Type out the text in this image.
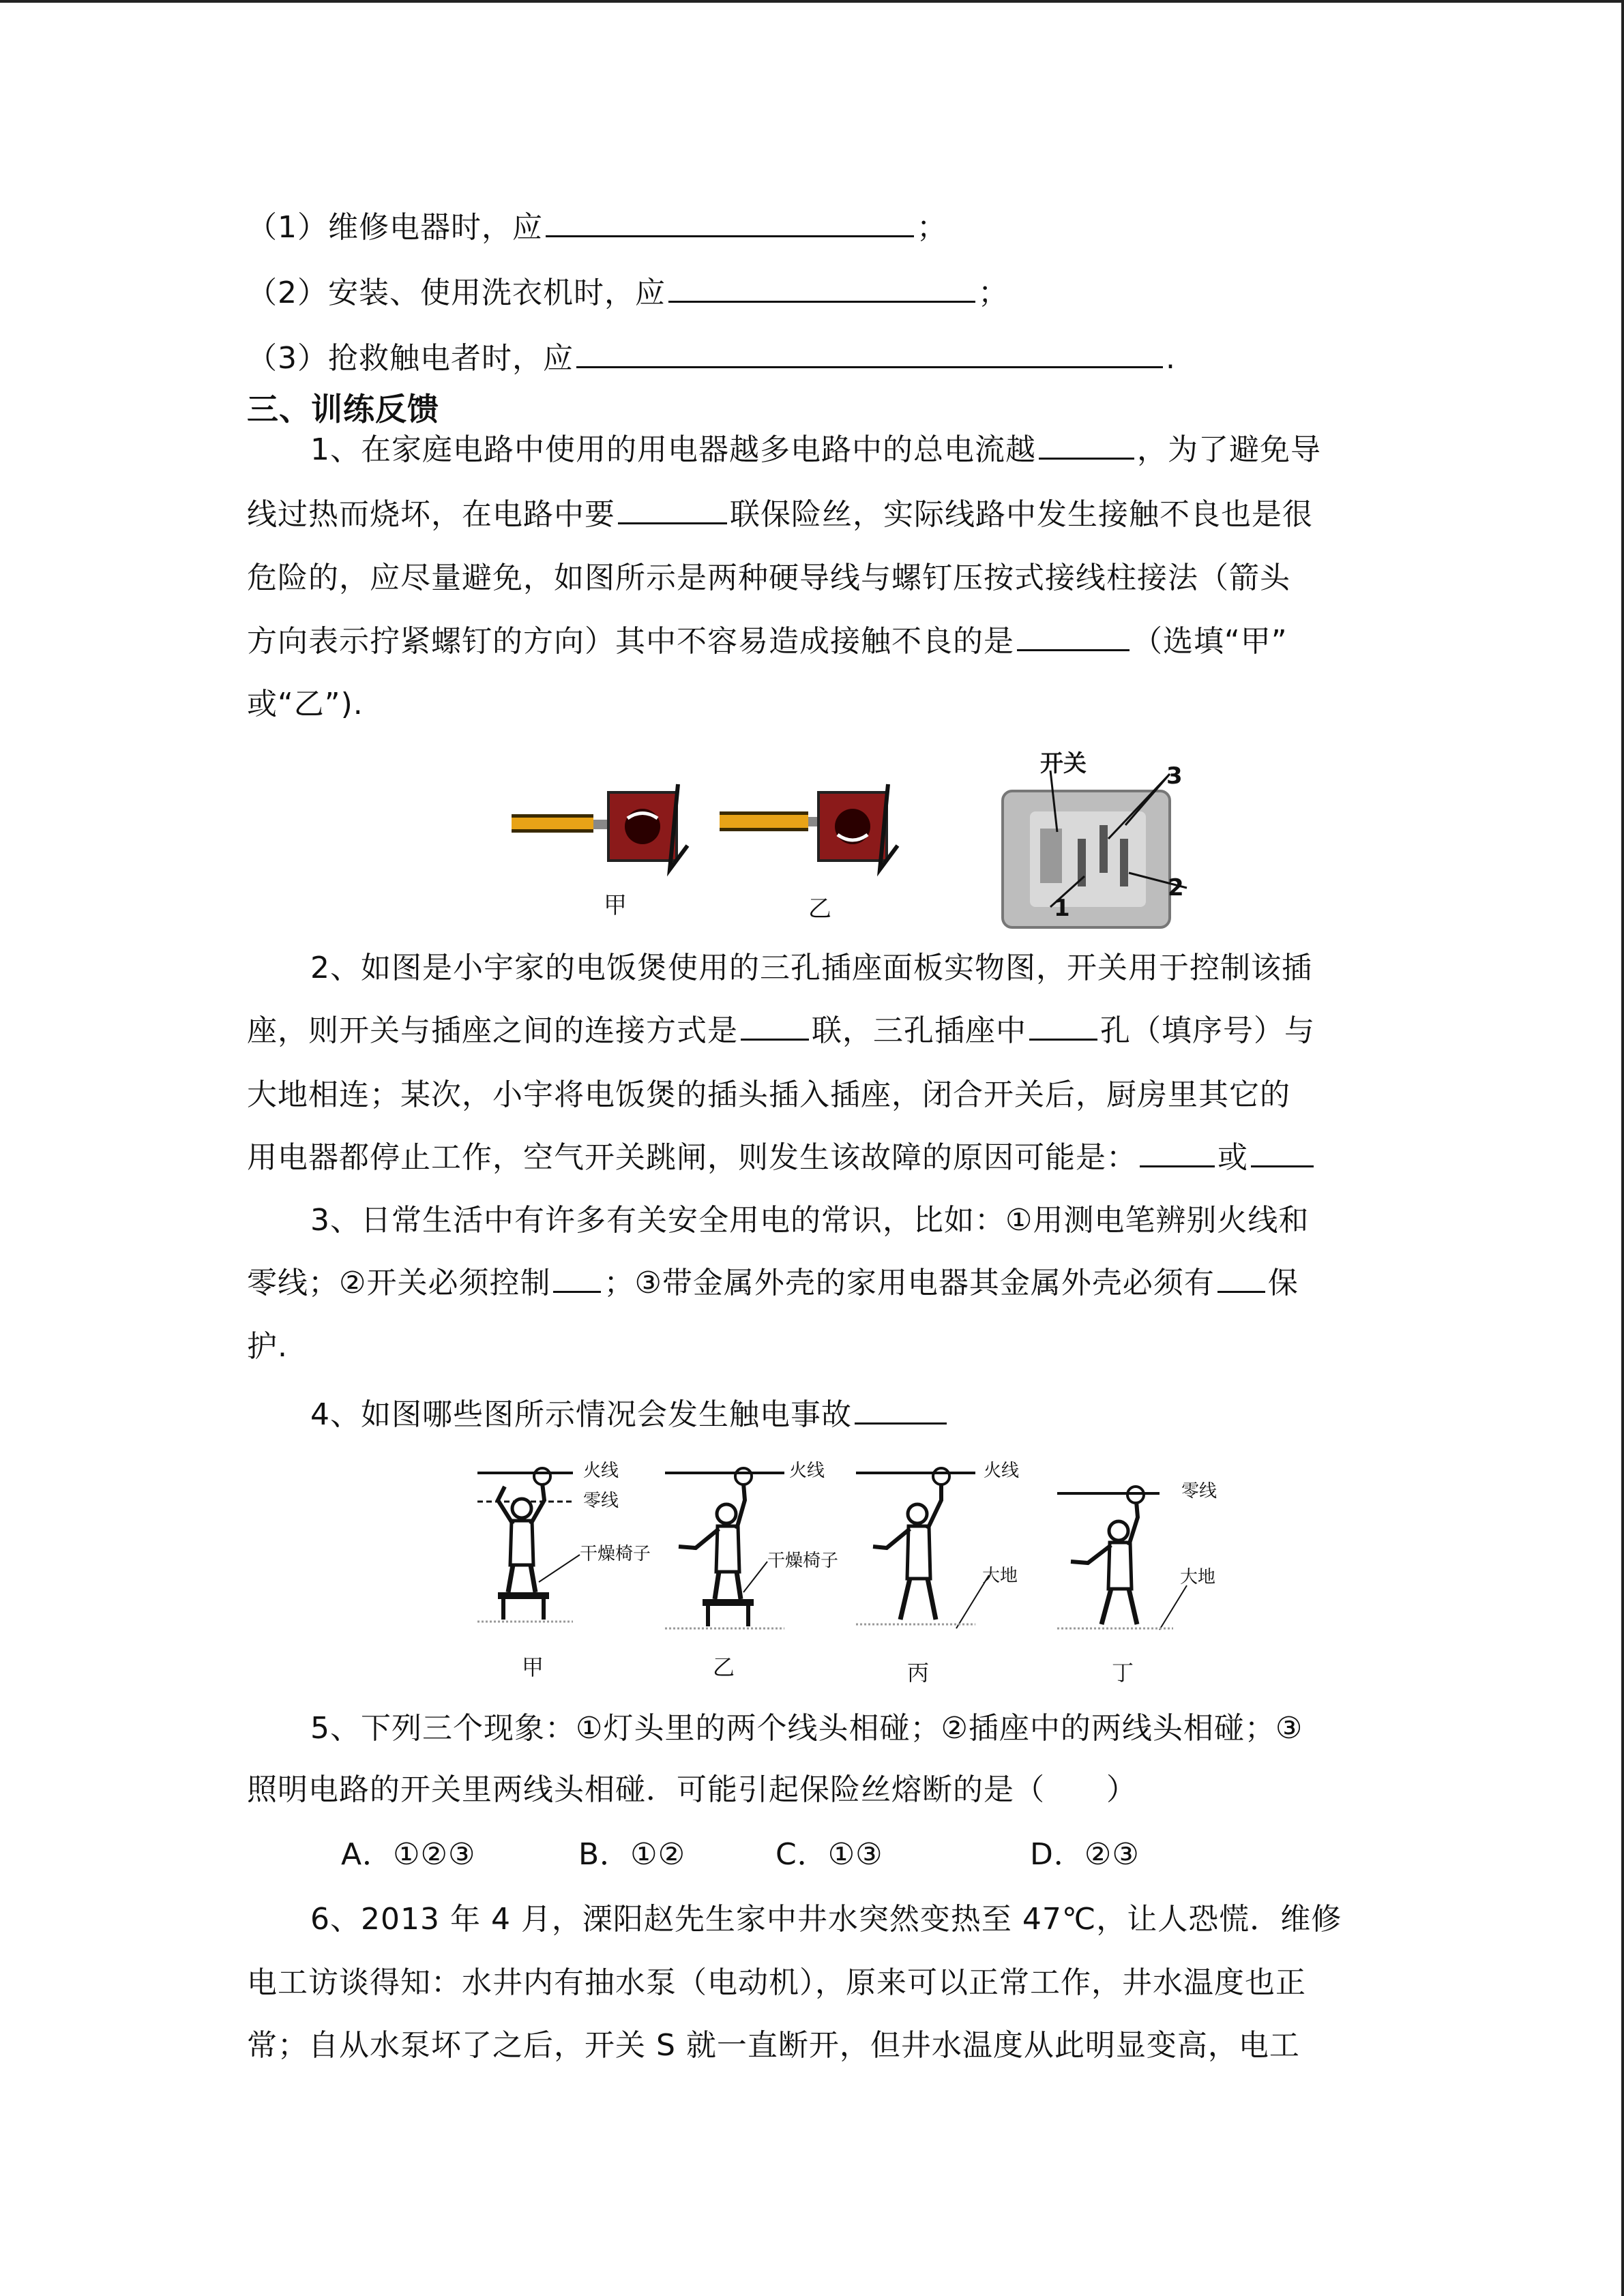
（1）维修电器时，应	；
（2）安装、使用洗衣机时，应	；
（3）抢救触电者时，应	.
三、训练反馈
1、在家庭电路中使用的用电器越多电路中的总电流越	，为了避免导
线过热而烧坏，在电路中要	联保险丝，实际线路中发生接触不良也是很
危险的，应尽量避免，如图所示是两种硬导线与螺钉压按式接线柱接法（箭头
方向表示拧紧螺钉的方向）其中不容易造成接触不良的是	（选填“甲”
或“乙”).
甲	乙
开关	3
2
1
2、如图是小宇家的电饭煲使用的三孔插座面板实物图，开关用于控制该插
座，则开关与插座之间的连接方式是 联，三孔插座中 孔（填序号）与
大地相连；某次，小宇将电饭煲的插头插入插座，闭合开关后，厨房里其它的
用电器都停止工作，空气开关跳闸，则发生该故障的原因可能是：	或
3、日常生活中有许多有关安全用电的常识，比如：①用测电笔辨别火线和
零线；②开关必须控制 ；③带金属外壳的家用电器其金属外壳必须有 保
护.
4、如图哪些图所示情况会发生触电事故
火线
零线
干燥椅子
火线
干燥椅子
火线
大地
零线
大地
甲	乙	丙	丁
5、下列三个现象：①灯头里的两个线头相碰；②插座中的两线头相碰；③
照明电路的开关里两线头相碰．可能引起保险丝熔断的是（　　）
A．①②③	B．①②	C．①③	D．②③
6、2013 年 4 月，溧阳赵先生家中井水突然变热至 47℃，让人恐慌．维修
电工访谈得知：水井内有抽水泵（电动机），原来可以正常工作，井水温度也正
常；自从水泵坏了之后，开关 S 就一直断开，但井水温度从此明显变高，电工
